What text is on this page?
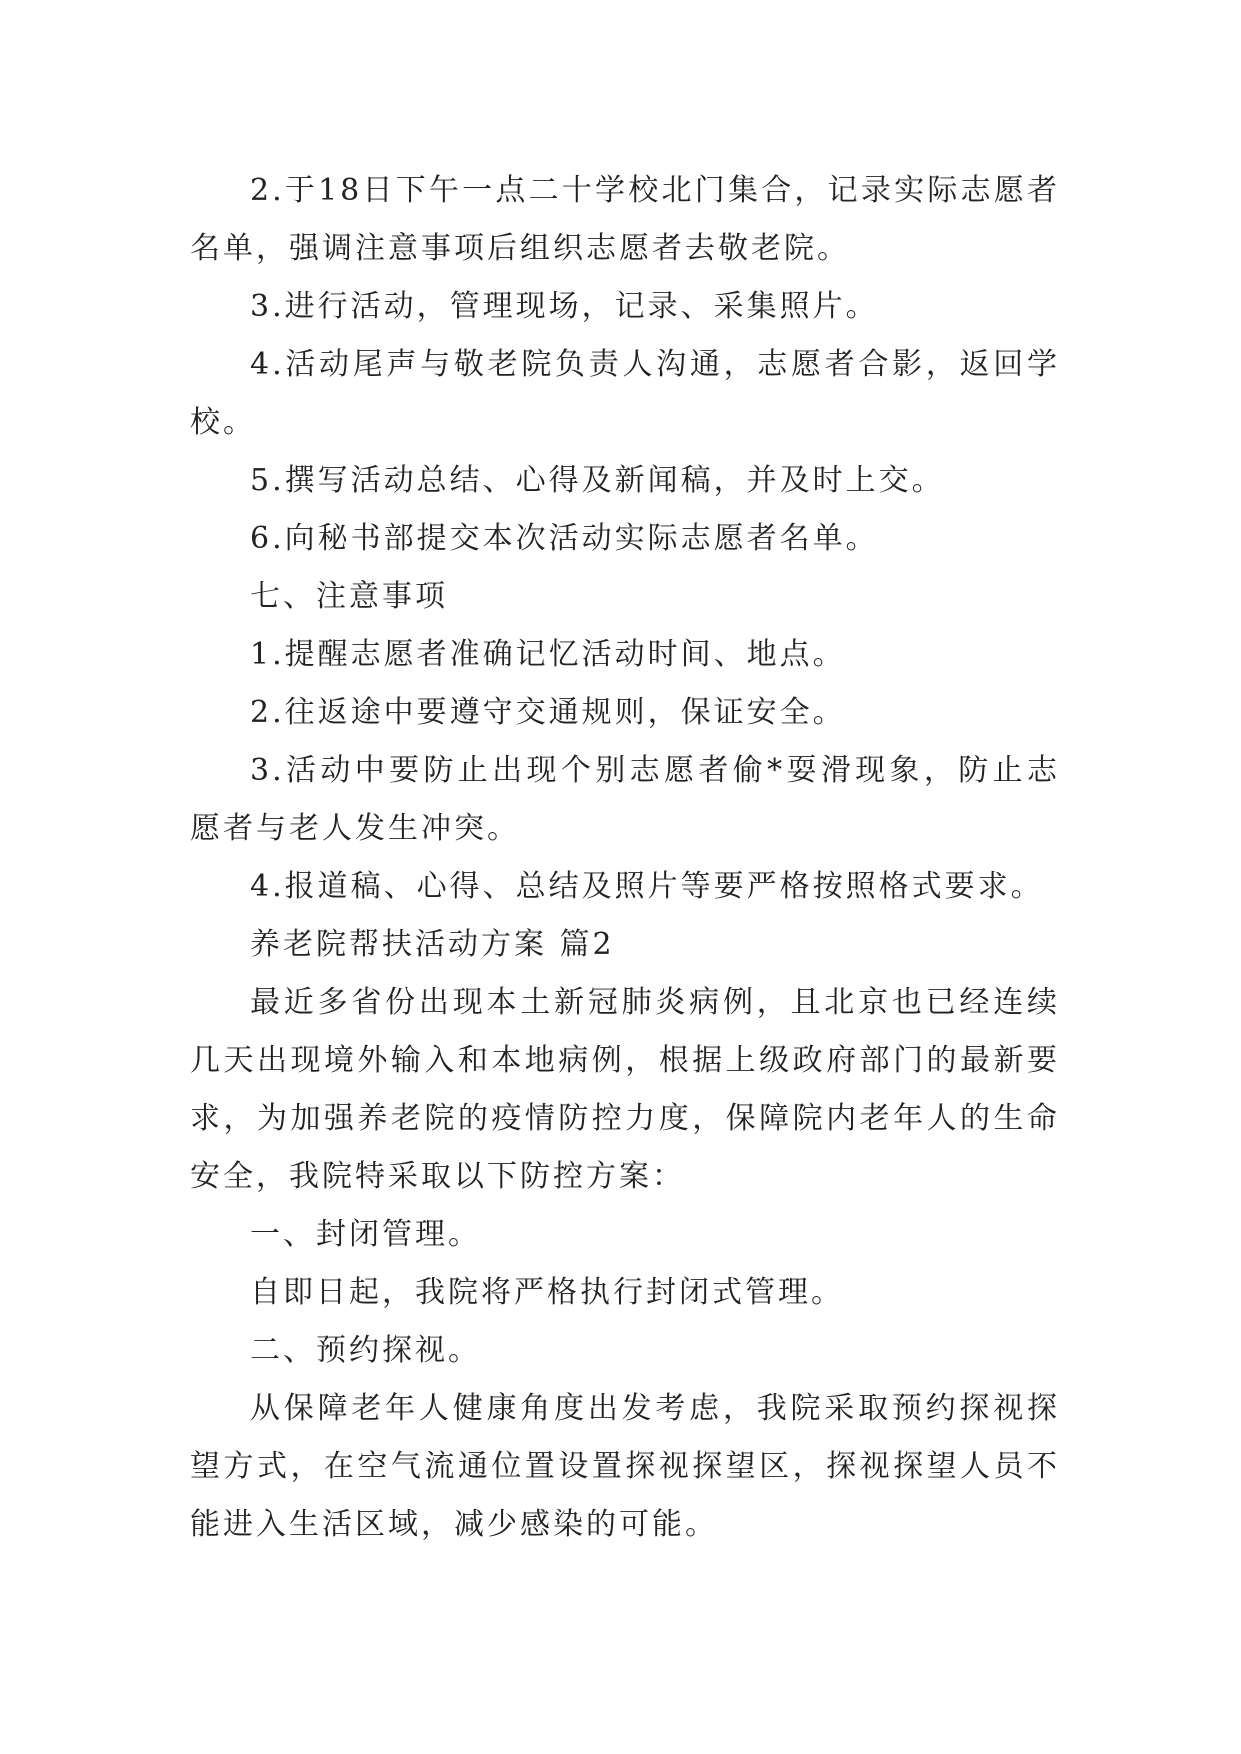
2.于18日下午一点二十学校北门集合，记录实际志愿者名单，强调注意事项后组织志愿者去敬老院。

3.进行活动，管理现场，记录、采集照片。

4.活动尾声与敬老院负责人沟通，志愿者合影，返回学校。

5.撰写活动总结、心得及新闻稿，并及时上交。

6.向秘书部提交本次活动实际志愿者名单。

七、注意事项

1.提醒志愿者准确记忆活动时间、地点。

2.往返途中要遵守交通规则，保证安全。

3.活动中要防止出现个别志愿者偷*耍滑现象，防止志愿者与老人发生冲突。

4.报道稿、心得、总结及照片等要严格按照格式要求。

养老院帮扶活动方案 篇2

最近多省份出现本土新冠肺炎病例，且北京也已经连续几天出现境外输入和本地病例，根据上级政府部门的最新要求，为加强养老院的疫情防控力度，保障院内老年人的生命安全，我院特采取以下防控方案：

一、封闭管理。

自即日起，我院将严格执行封闭式管理。

二、预约探视。

从保障老年人健康角度出发考虑，我院采取预约探视探望方式，在空气流通位置设置探视探望区，探视探望人员不能进入生活区域，减少感染的可能。
